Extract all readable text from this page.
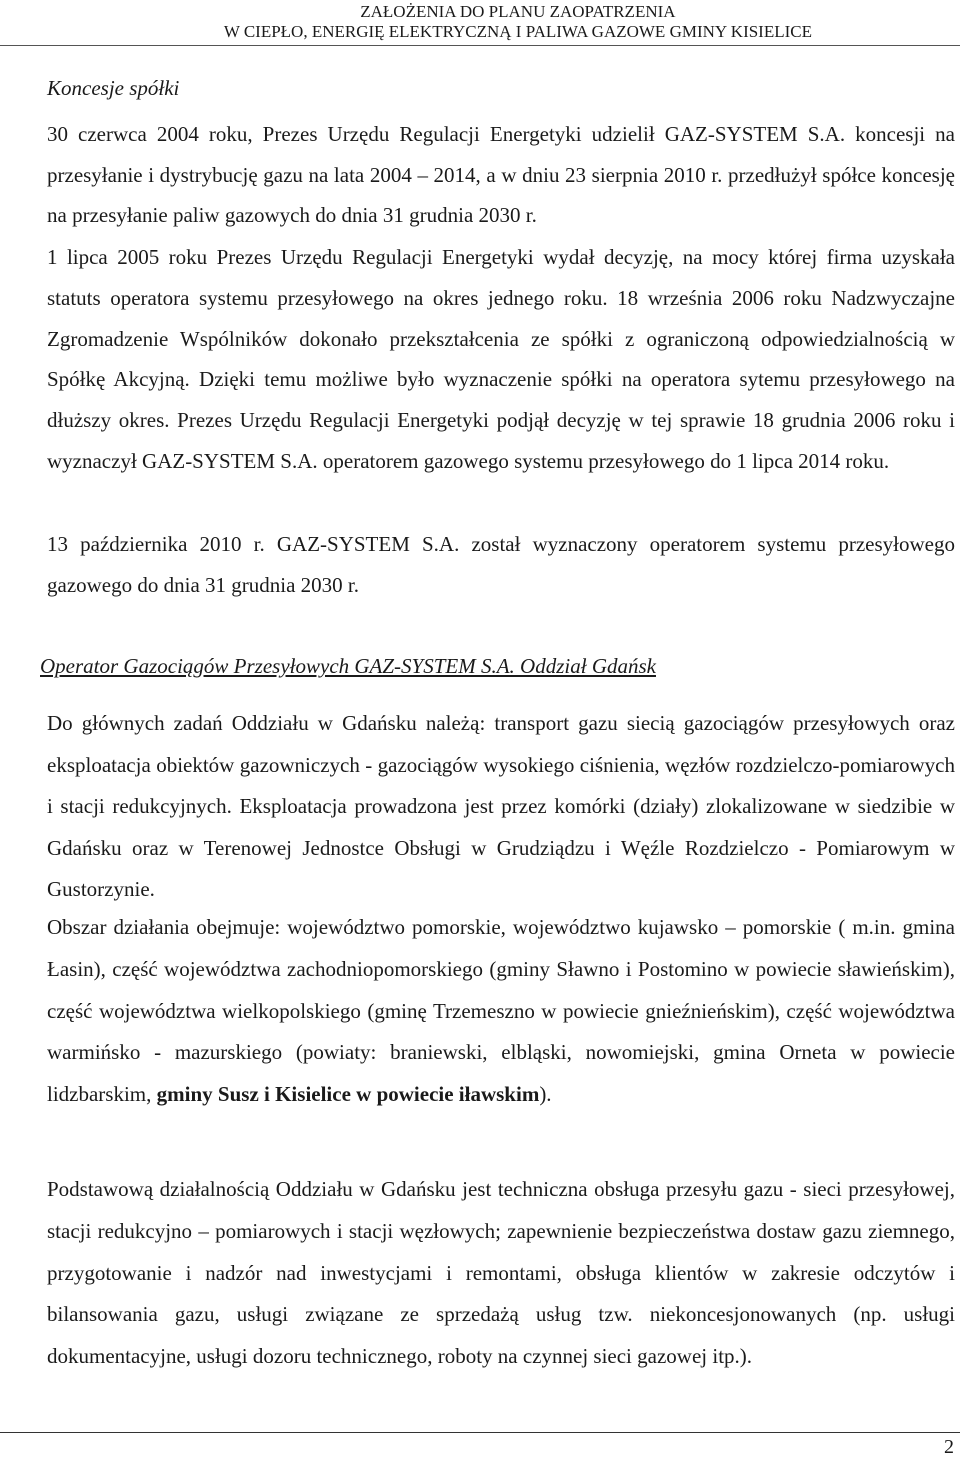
ZAŁOŻENIA DO PLANU ZAOPATRZENIA
W CIEPŁO, ENERGIĘ ELEKTRYCZNĄ I PALIWA GAZOWE GMINY KISIELICE

Koncesje spółki

30 czerwca 2004 roku, Prezes Urzędu Regulacji Energetyki udzielił GAZ-SYSTEM S.A. koncesji na przesyłanie i dystrybucję gazu na lata 2004 – 2014, a w dniu 23 sierpnia 2010 r. przedłużył spółce koncesję na przesyłanie paliw gazowych do dnia 31 grudnia 2030 r.

1 lipca 2005 roku Prezes Urzędu Regulacji Energetyki wydał decyzję, na mocy której firma uzyskała statuts operatora systemu przesyłowego na okres jednego roku. 18 września 2006 roku Nadzwyczajne Zgromadzenie Wspólników dokonało przekształcenia ze spółki z ograniczoną odpowiedzialnością w Spółkę Akcyjną. Dzięki temu możliwe było wyznaczenie spółki na operatora sytemu przesyłowego na dłuższy okres. Prezes Urzędu Regulacji Energetyki podjął decyzję w tej sprawie 18 grudnia 2006 roku i wyznaczył GAZ-SYSTEM S.A. operatorem gazowego systemu przesyłowego do 1 lipca 2014 roku.

13 października 2010 r. GAZ-SYSTEM S.A. został wyznaczony operatorem systemu przesyłowego gazowego do dnia 31 grudnia 2030 r.

Operator Gazociągów Przesyłowych GAZ-SYSTEM S.A. Oddział Gdańsk

Do głównych zadań Oddziału w Gdańsku należą: transport gazu siecią gazociągów przesyłowych oraz eksploatacja obiektów gazowniczych - gazociągów wysokiego ciśnienia, węzłów rozdzielczo-pomiarowych i stacji redukcyjnych. Eksploatacja prowadzona jest przez komórki (działy) zlokalizowane w siedzibie w Gdańsku oraz w Terenowej Jednostce Obsługi w Grudziądzu i Węźle Rozdzielczo - Pomiarowym w Gustorzynie.

Obszar działania obejmuje: województwo pomorskie, województwo kujawsko – pomorskie ( m.in. gmina Łasin), część województwa zachodniopomorskiego (gminy Sławno i Postomino w powiecie sławieńskim), część województwa wielkopolskiego (gminę Trzemeszno w powiecie gnieźnieńskim), część województwa warmińsko - mazurskiego (powiaty: braniewski, elbląski, nowomiejski, gmina Orneta w powiecie lidzbarskim, gminy Susz i Kisielice w powiecie iławskim).

Podstawową działalnością Oddziału w Gdańsku jest techniczna obsługa przesyłu gazu - sieci przesyłowej, stacji redukcyjno – pomiarowych i stacji węzłowych; zapewnienie bezpieczeństwa dostaw gazu ziemnego, przygotowanie i nadzór nad inwestycjami i remontami, obsługa klientów w zakresie odczytów i bilansowania gazu, usługi związane ze sprzedażą usług tzw. niekoncesjonowanych (np. usługi dokumentacyjne, usługi dozoru technicznego, roboty na czynnej sieci gazowej itp.).

2
